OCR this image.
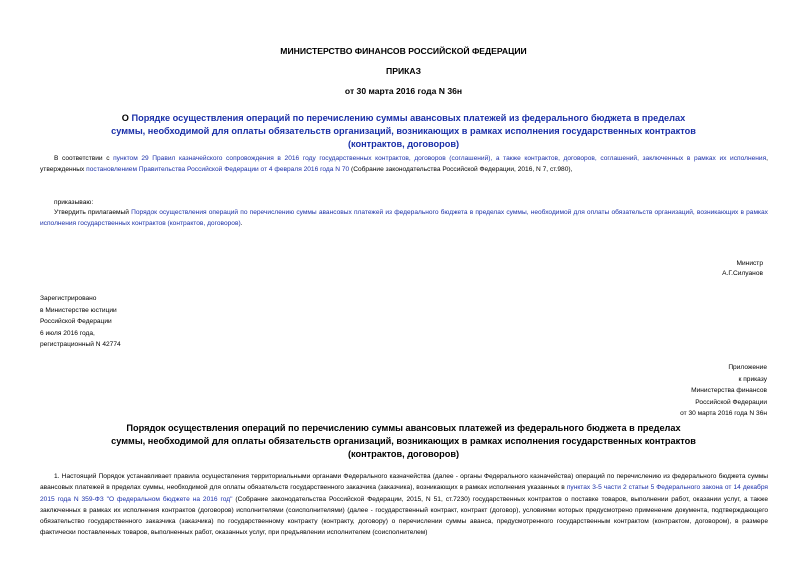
МИНИСТЕРСТВО ФИНАНСОВ РОССИЙСКОЙ ФЕДЕРАЦИИ
ПРИКАЗ
от 30 марта 2016 года N 36н
О Порядке осуществления операций по перечислению суммы авансовых платежей из федерального бюджета в пределах суммы, необходимой для оплаты обязательств организаций, возникающих в рамках исполнения государственных контрактов (контрактов, договоров)
В соответствии с пунктом 29 Правил казначейского сопровождения в 2016 году государственных контрактов, договоров (соглашений), а также контрактов, договоров, соглашений, заключенных в рамках их исполнения, утвержденных постановлением Правительства Российской Федерации от 4 февраля 2016 года N 70 (Собрание законодательства Российской Федерации, 2016, N 7, ст.980),
приказываю:
Утвердить прилагаемый Порядок осуществления операций по перечислению суммы авансовых платежей из федерального бюджета в пределах суммы, необходимой для оплаты обязательств организаций, возникающих в рамках исполнения государственных контрактов (контрактов, договоров).
Министр
А.Г.Силуанов
Зарегистрировано
в Министерстве юстиции
Российской Федерации
6 июля 2016 года,
регистрационный N 42774
Приложение
к приказу
Министерства финансов
Российской Федерации
от 30 марта 2016 года N 36н
Порядок осуществления операций по перечислению суммы авансовых платежей из федерального бюджета в пределах суммы, необходимой для оплаты обязательств организаций, возникающих в рамках исполнения государственных контрактов (контрактов, договоров)
1. Настоящий Порядок устанавливает правила осуществления территориальными органами Федерального казначейства (далее - органы Федерального казначейства) операций по перечислению из федерального бюджета суммы авансовых платежей в пределах суммы, необходимой для оплаты обязательств государственного заказчика (заказчика), возникающих в рамках исполнения указанных в пунктах 3-5 части 2 статьи 5 Федерального закона от 14 декабря 2015 года N 359-ФЗ "О федеральном бюджете на 2016 год" (Собрание законодательства Российской Федерации, 2015, N 51, ст.7230) государственных контрактов о поставке товаров, выполнении работ, оказании услуг, а также заключенных в рамках их исполнения контрактов (договоров) исполнителями (соисполнителями) (далее - государственный контракт, контракт (договор), условиями которых предусмотрено применение документа, подтверждающего обязательство государственного заказчика (заказчика) по государственному контракту (контракту, договору) о перечислении суммы аванса, предусмотренного государственным контрактом (контрактом, договором), в размере фактически поставленных товаров, выполненных работ, оказанных услуг, при предъявлении исполнителем (соисполнителем)
